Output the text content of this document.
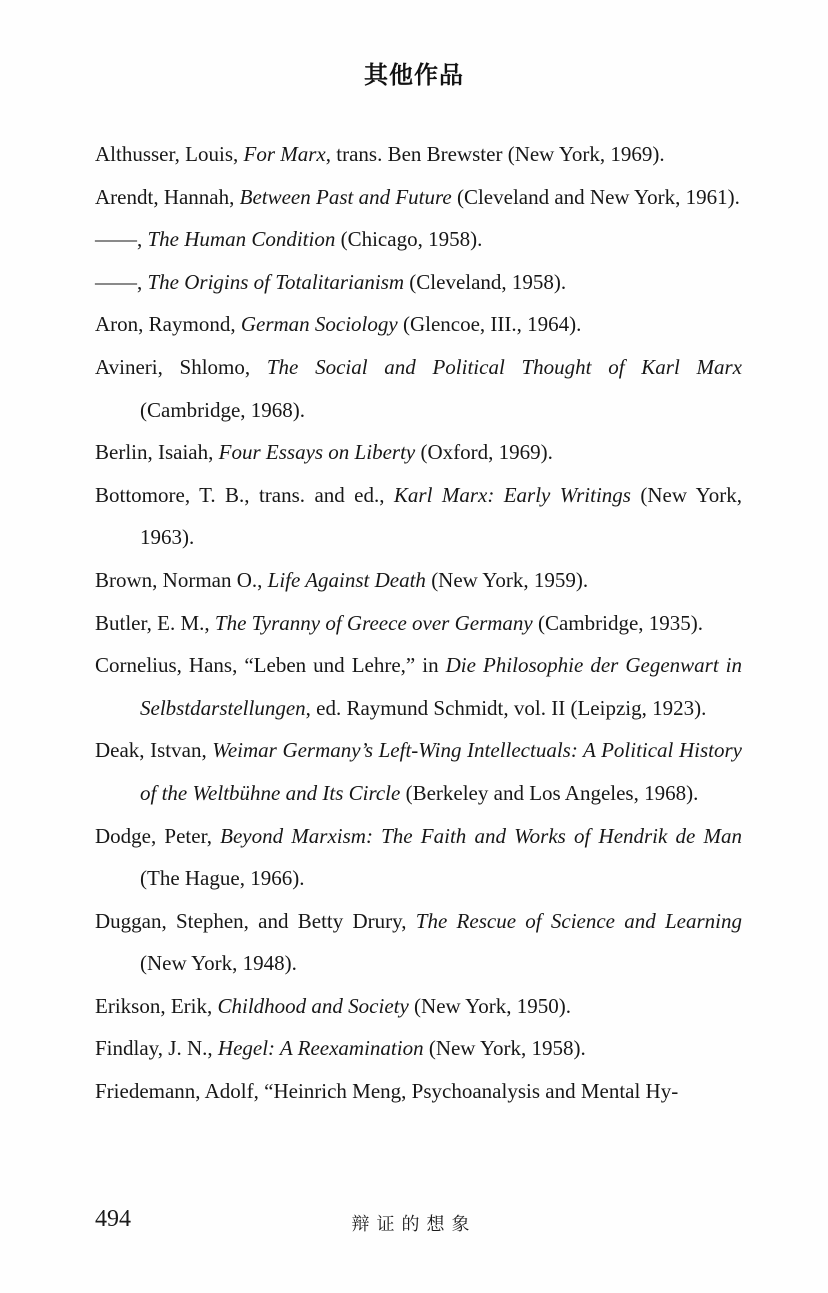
其他作品

Althusser, Louis, For Marx, trans. Ben Brewster (New York, 1969).

Arendt, Hannah, Between Past and Future (Cleveland and New York, 1961).

——, The Human Condition (Chicago, 1958).

——, The Origins of Totalitarianism (Cleveland, 1958).

Aron, Raymond, German Sociology (Glencoe, III., 1964).

Avineri, Shlomo, The Social and Political Thought of Karl Marx (Cambridge, 1968).

Berlin, Isaiah, Four Essays on Liberty (Oxford, 1969).

Bottomore, T. B., trans. and ed., Karl Marx: Early Writings (New York, 1963).

Brown, Norman O., Life Against Death (New York, 1959).

Butler, E. M., The Tyranny of Greece over Germany (Cambridge, 1935).

Cornelius, Hans, “Leben und Lehre,” in Die Philosophie der Gegenwart in Selbstdarstellungen, ed. Raymund Schmidt, vol. II (Leipzig, 1923).

Deak, Istvan, Weimar Germany’s Left-Wing Intellectuals: A Political History of the Weltbühne and Its Circle (Berkeley and Los Angeles, 1968).

Dodge, Peter, Beyond Marxism: The Faith and Works of Hendrik de Man (The Hague, 1966).

Duggan, Stephen, and Betty Drury, The Rescue of Science and Learning (New York, 1948).

Erikson, Erik, Childhood and Society (New York, 1950).

Findlay, J. N., Hegel: A Reexamination (New York, 1958).

Friedemann, Adolf, “Heinrich Meng, Psychoanalysis and Mental Hy-

494	辩证的想象
